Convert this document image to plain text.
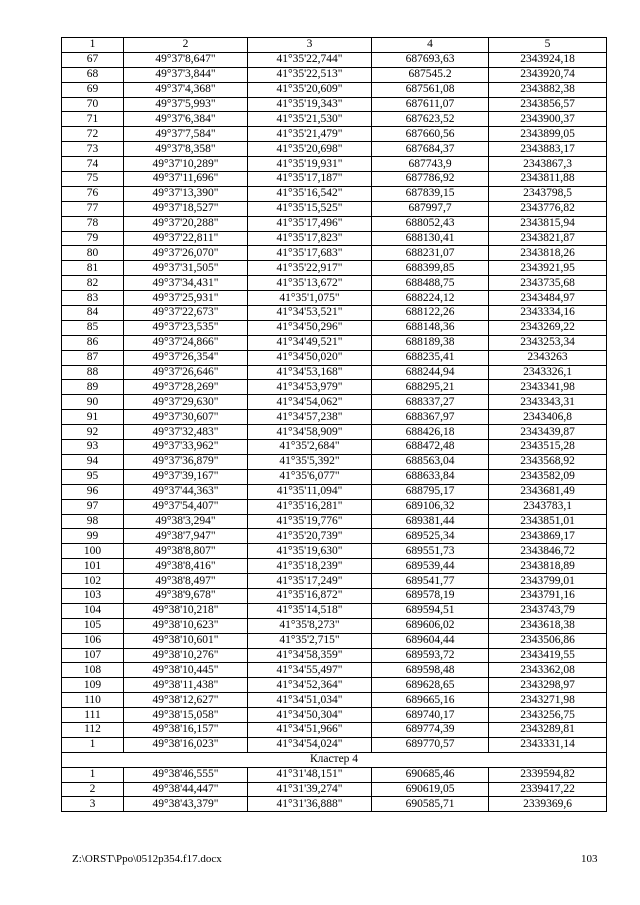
1	2	3	4	5
67	49°37'8,647"	41°35'22,744"	687693,63	2343924,18
68	49°37'3,844"	41°35'22,513"	687545.2	2343920,74
69	49°37'4,368"	41°35'20,609"	687561,08	2343882,38
70	49°37'5,993"	41°35'19,343"	687611,07	2343856,57
71	49°37'6,384"	41°35'21,530"	687623,52	2343900,37
72	49°37'7,584"	41°35'21,479"	687660,56	2343899,05
73	49°37'8,358"	41°35'20,698"	687684,37	2343883,17
74	49°37'10,289"	41°35'19,931"	687743,9	2343867,3
75	49°37'11,696"	41°35'17,187"	687786,92	2343811,88
76	49°37'13,390"	41°35'16,542"	687839,15	2343798,5
77	49°37'18,527"	41°35'15,525"	687997,7	2343776,82
78	49°37'20,288"	41°35'17,496"	688052,43	2343815,94
79	49°37'22,811"	41°35'17,823"	688130,41	2343821,87
80	49°37'26,070"	41°35'17,683"	688231,07	2343818,26
81	49°37'31,505"	41°35'22,917"	688399,85	2343921,95
82	49°37'34,431"	41°35'13,672"	688488,75	2343735,68
83	49°37'25,931"	41°35'1,075"	688224,12	2343484,97
84	49°37'22,673"	41°34'53,521"	688122,26	2343334,16
85	49°37'23,535"	41°34'50,296"	688148,36	2343269,22
86	49°37'24,866"	41°34'49,521"	688189,38	2343253,34
87	49°37'26,354"	41°34'50,020"	688235,41	2343263
88	49°37'26,646"	41°34'53,168"	688244,94	2343326,1
89	49°37'28,269"	41°34'53,979"	688295,21	2343341,98
90	49°37'29,630"	41°34'54,062"	688337,27	2343343,31
91	49°37'30,607"	41°34'57,238"	688367,97	2343406,8
92	49°37'32,483"	41°34'58,909"	688426,18	2343439,87
93	49°37'33,962"	41°35'2,684"	688472,48	2343515,28
94	49°37'36,879"	41°35'5,392"	688563,04	2343568,92
95	49°37'39,167"	41°35'6,077"	688633,84	2343582,09
96	49°37'44,363"	41°35'11,094"	688795,17	2343681,49
97	49°37'54,407"	41°35'16,281"	689106,32	2343783,1
98	49°38'3,294"	41°35'19,776"	689381,44	2343851,01
99	49°38'7,947"	41°35'20,739"	689525,34	2343869,17
100	49°38'8,807"	41°35'19,630"	689551,73	2343846,72
101	49°38'8,416"	41°35'18,239"	689539,44	2343818,89
102	49°38'8,497"	41°35'17,249"	689541,77	2343799,01
103	49°38'9,678"	41°35'16,872"	689578,19	2343791,16
104	49°38'10,218"	41°35'14,518"	689594,51	2343743,79
105	49°38'10,623"	41°35'8,273"	689606,02	2343618,38
106	49°38'10,601"	41°35'2,715"	689604,44	2343506,86
107	49°38'10,276"	41°34'58,359"	689593,72	2343419,55
108	49°38'10,445"	41°34'55,497"	689598,48	2343362,08
109	49°38'11,438"	41°34'52,364"	689628,65	2343298,97
110	49°38'12,627"	41°34'51,034"	689665,16	2343271,98
111	49°38'15,058"	41°34'50,304"	689740,17	2343256,75
112	49°38'16,157"	41°34'51,966"	689774,39	2343289,81
1	49°38'16,023"	41°34'54,024"	689770,57	2343331,14
Кластер 4				
1	49°38'46,555"	41°31'48,151"	690685,46	2339594,82
2	49°38'44,447"	41°31'39,274"	690619,05	2339417,22
3	49°38'43,379"	41°31'36,888"	690585,71	2339369,6
Z:\ORST\Ppo\0512p354.f17.docx	103
